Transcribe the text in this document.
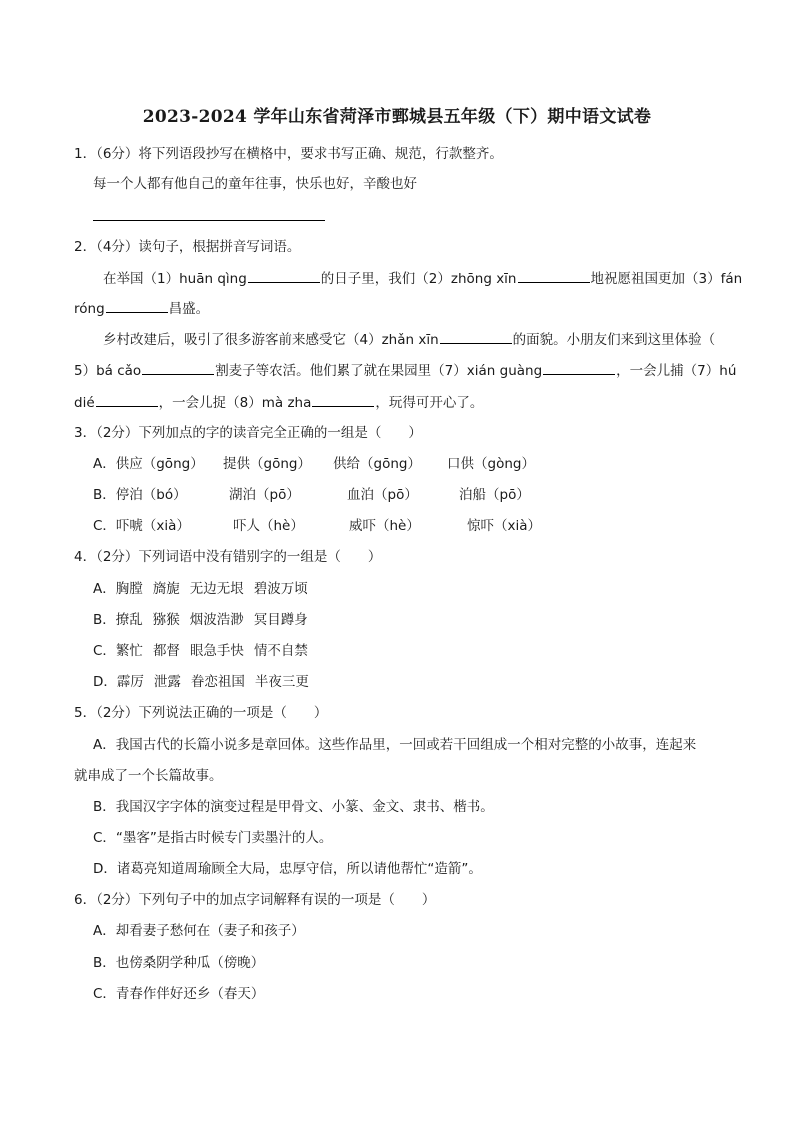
2023-2024 学年山东省菏泽市鄄城县五年级（下）期中语文试卷
1．（6分）将下列语段抄写在横格中，要求书写正确、规范，行款整齐。
每一个人都有他自己的童年往事，快乐也好，辛酸也好
2．（4分）读句子，根据拼音写词语。
在举国（1）huān qìng	的日子里，我们（2）zhōng xīn	地祝愿祖国更加（3）fán
róng	昌盛。
乡村改建后，吸引了很多游客前来感受它（4）zhǎn xīn	的面貌。小朋友们来到这里体验（
5）bá cǎo	割麦子等农活。他们累了就在果园里（7）xián guàng	，一会儿捕（7）hú
dié	，一会儿捉（8）mà zha	，玩得可开心了。
3．（2分）下列加点的字的读音完全正确的一组是（　　）
A．供应（gōng） 提供（gōng） 供给（gōng） 口供（gòng）
B．停泊（bó）	湖泊（pō）	血泊（pō）	泊船（pō）
C．吓唬（xià）	吓人（hè）	威吓（hè）	惊吓（xià）
4．（2分）下列词语中没有错别字的一组是（　　）
A．胸膛 旖旎 无边无垠 碧波万顷
B．撩乱 猕猴 烟波浩渺 冥目蹲身
C．繁忙 都督 眼急手快 情不自禁
D．霹厉 泄露 眷恋祖国 半夜三更
5．（2分）下列说法正确的一项是（　　）
A．我国古代的长篇小说多是章回体。这些作品里，一回或若干回组成一个相对完整的小故事，连起来
就串成了一个长篇故事。
B．我国汉字字体的演变过程是甲骨文、小篆、金文、隶书、楷书。
C．“墨客”是指古时候专门卖墨汁的人。
D．诸葛亮知道周瑜顾全大局，忠厚守信，所以请他帮忙“造箭”。
6．（2分）下列句子中的加点字词解释有误的一项是（　　）
A．却看妻子愁何在（妻子和孩子）
B．也傍桑阴学种瓜（傍晚）
C．青春作伴好还乡（春天）
